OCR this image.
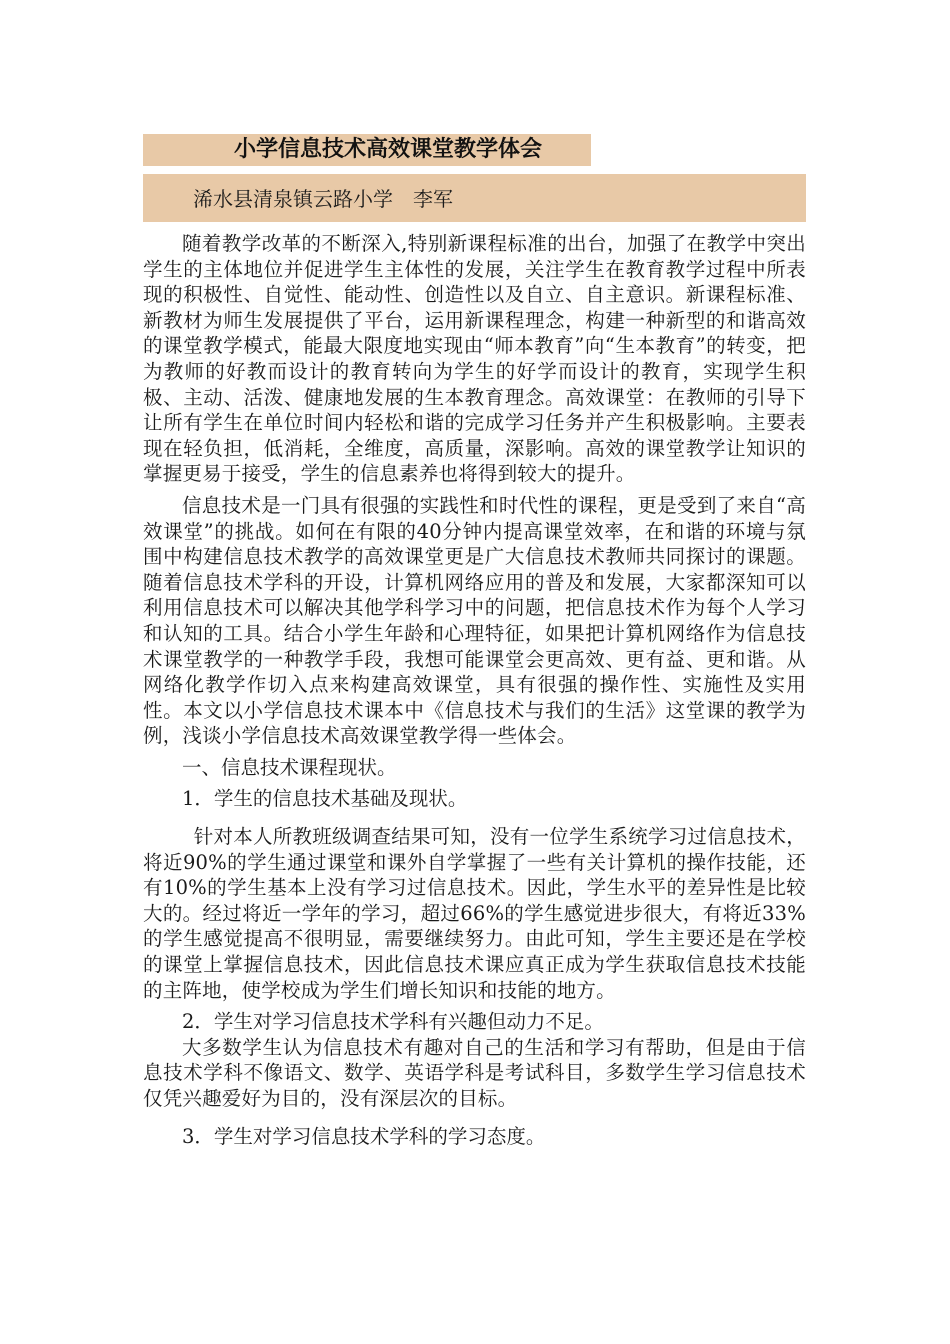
小学信息技术高效课堂教学体会
浠水县清泉镇云路小学　李军

随着教学改革的不断深入,特别新课程标准的出台，加强了在教学中突出学生的主体地位并促进学生主体性的发展，关注学生在教育教学过程中所表现的积极性、自觉性、能动性、创造性以及自立、自主意识。新课程标准、新教材为师生发展提供了平台，运用新课程理念，构建一种新型的和谐高效的课堂教学模式，能最大限度地实现由“师本教育”向“生本教育”的转变，把为教师的好教而设计的教育转向为学生的好学而设计的教育，实现学生积极、主动、活泼、健康地发展的生本教育理念。高效课堂：在教师的引导下让所有学生在单位时间内轻松和谐的完成学习任务并产生积极影响。主要表现在轻负担，低消耗，全维度，高质量，深影响。高效的课堂教学让知识的掌握更易于接受，学生的信息素养也将得到较大的提升。

信息技术是一门具有很强的实践性和时代性的课程，更是受到了来自“高效课堂”的挑战。如何在有限的40分钟内提高课堂效率，在和谐的环境与氛围中构建信息技术教学的高效课堂更是广大信息技术教师共同探讨的课题。随着信息技术学科的开设，计算机网络应用的普及和发展，大家都深知可以利用信息技术可以解决其他学科学习中的问题，把信息技术作为每个人学习和认知的工具。结合小学生年龄和心理特征，如果把计算机网络作为信息技术课堂教学的一种教学手段，我想可能课堂会更高效、更有益、更和谐。从网络化教学作切入点来构建高效课堂，具有很强的操作性、实施性及实用性。本文以小学信息技术课本中《信息技术与我们的生活》这堂课的教学为例，浅谈小学信息技术高效课堂教学得一些体会。

一、信息技术课程现状。

1．学生的信息技术基础及现状。

针对本人所教班级调查结果可知，没有一位学生系统学习过信息技术，将近90%的学生通过课堂和课外自学掌握了一些有关计算机的操作技能，还有10%的学生基本上没有学习过信息技术。因此，学生水平的差异性是比较大的。经过将近一学年的学习，超过66%的学生感觉进步很大，有将近33%的学生感觉提高不很明显，需要继续努力。由此可知，学生主要还是在学校的课堂上掌握信息技术，因此信息技术课应真正成为学生获取信息技术技能的主阵地，使学校成为学生们增长知识和技能的地方。

2．学生对学习信息技术学科有兴趣但动力不足。

大多数学生认为信息技术有趣对自己的生活和学习有帮助，但是由于信息技术学科不像语文、数学、英语学科是考试科目，多数学生学习信息技术仅凭兴趣爱好为目的，没有深层次的目标。

3．学生对学习信息技术学科的学习态度。
